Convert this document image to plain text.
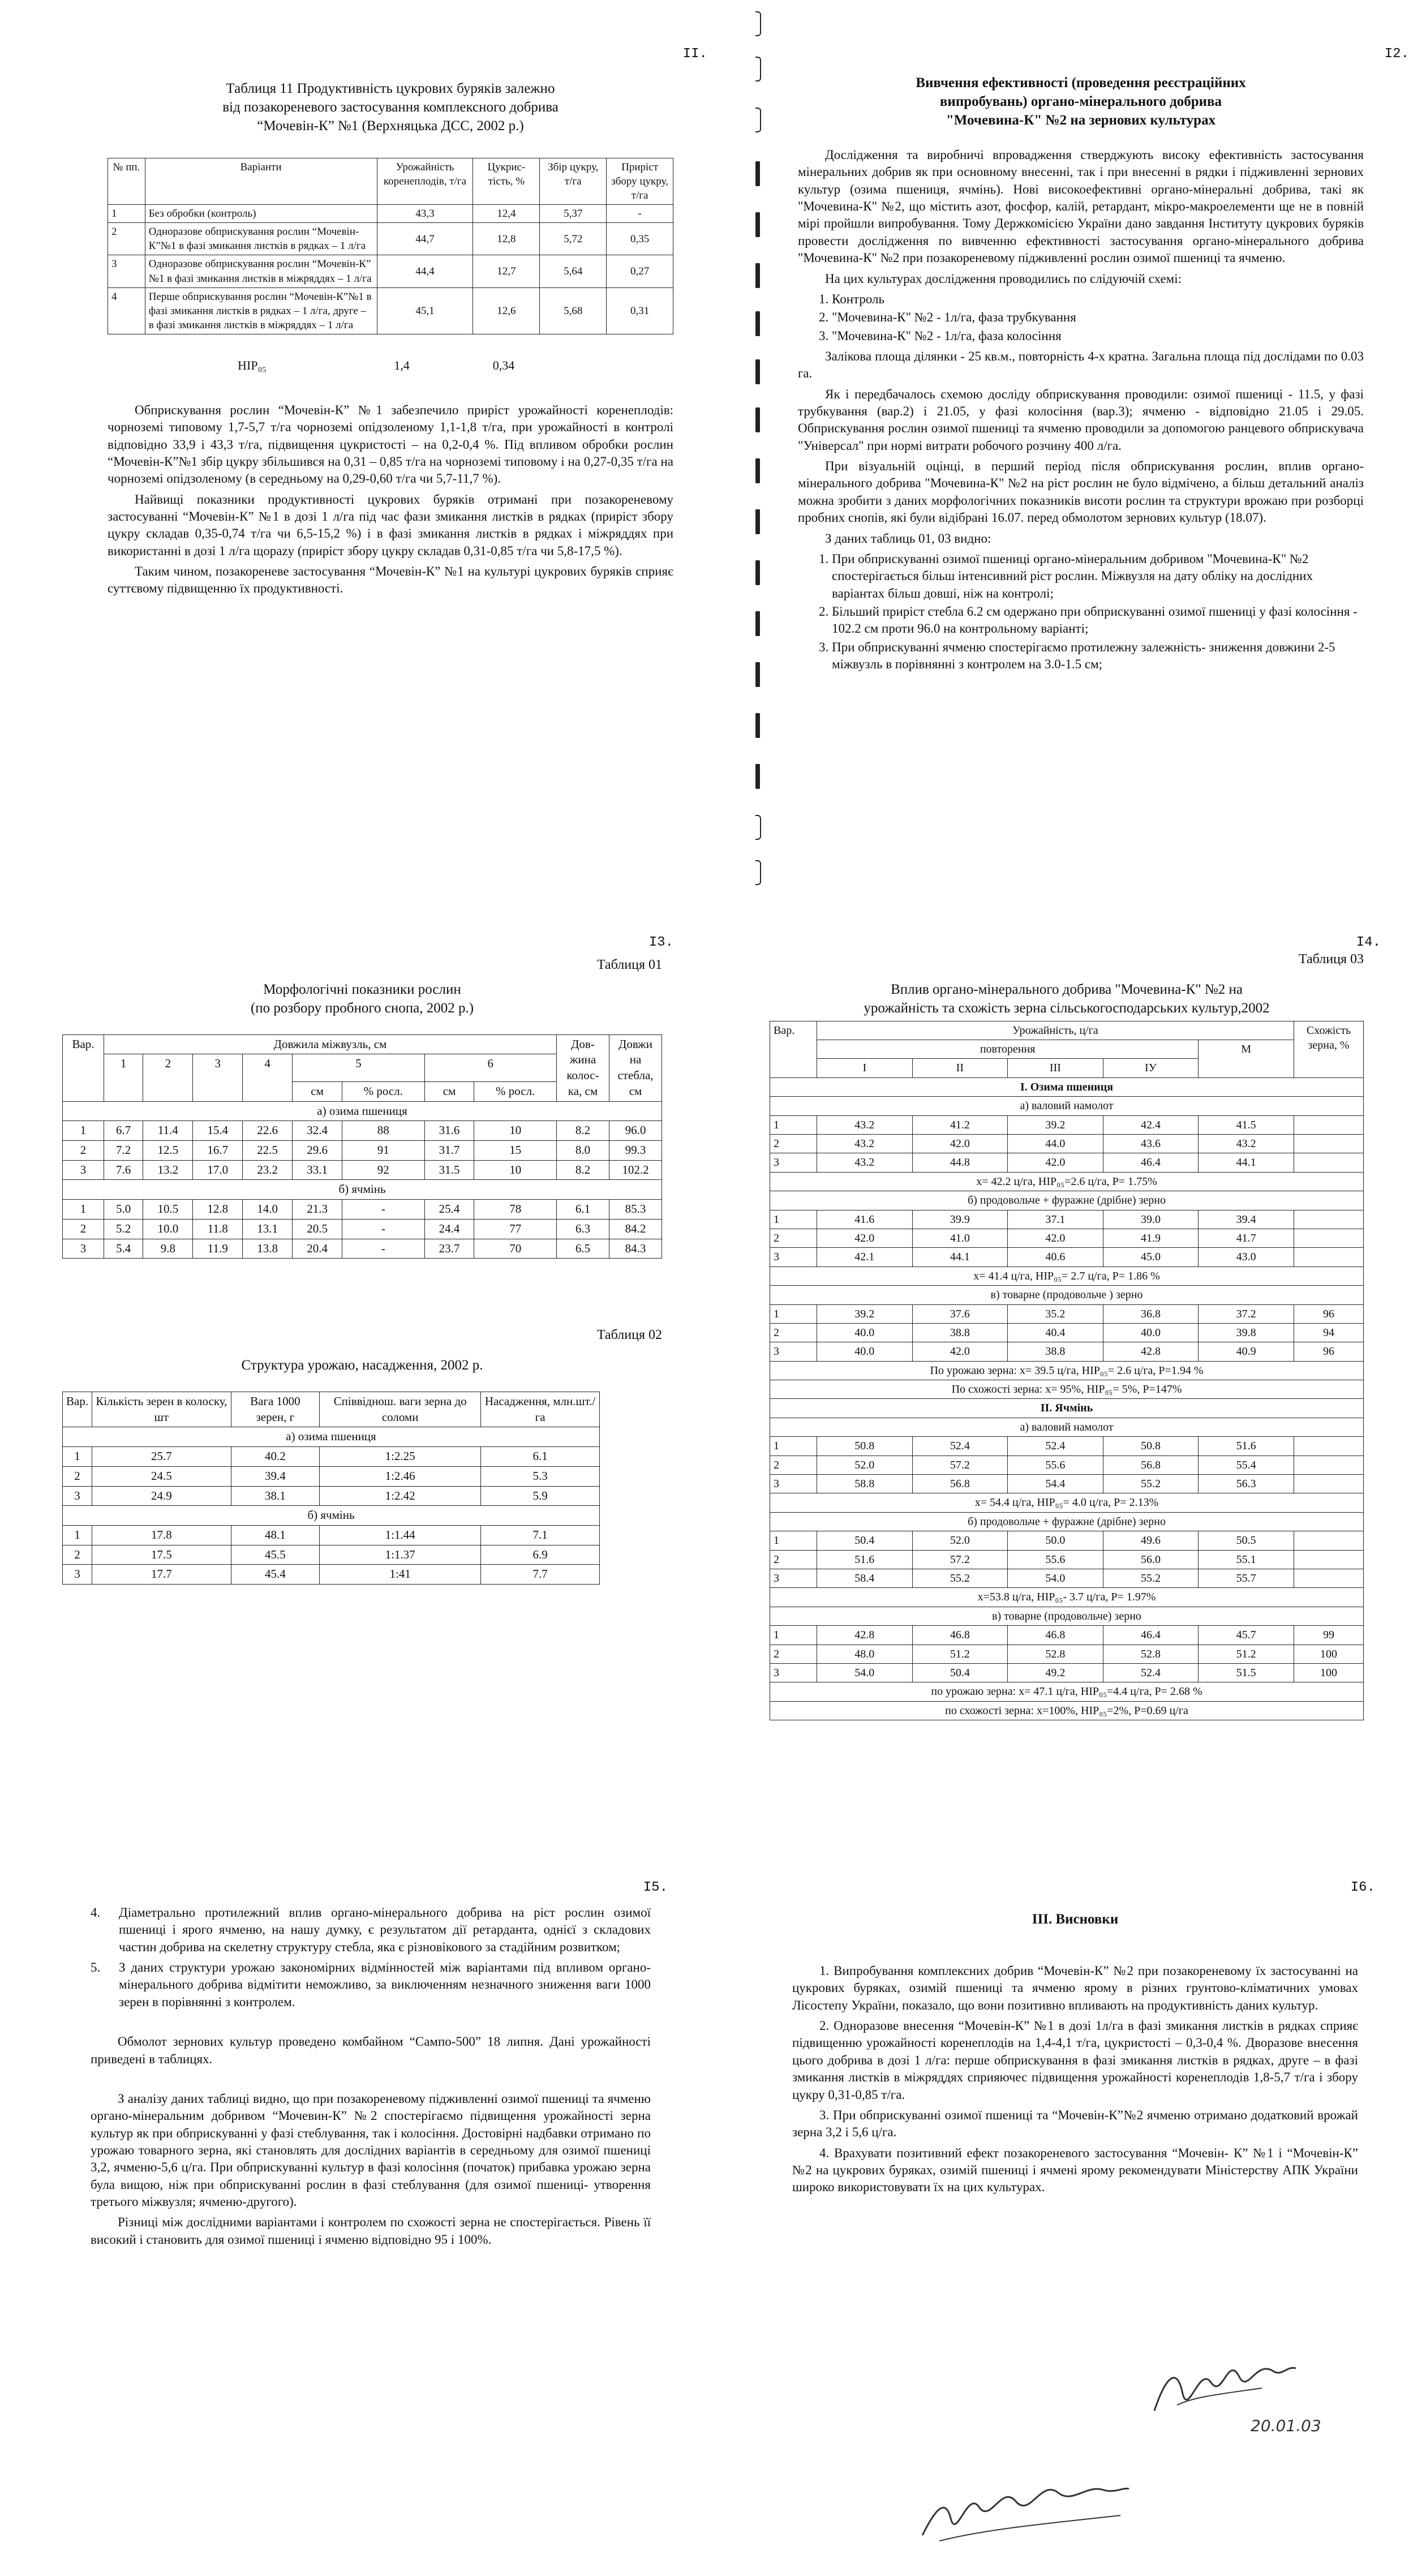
II.
Таблиця 11 Продуктивність цукрових буряків залежно
від позакореневого застосування комплексного добрива
“Мочевін-К” №1 (Верхняцька ДСС, 2002 р.)
№ пп.	Варіанти	Урожайність коренеплодів, т/га	Цукрис-тість, %	Збір цукру, т/га	Приріст збору цукру, т/га
1	Без обробки (контроль)	43,3	12,4	5,37	-
2	Одноразове обприскування рослин “Мочевін-К”№1 в фазі змикання листків в рядках – 1 л/га	44,7	12,8	5,72	0,35
3	Одноразове обприскування рослин “Мочевін-К” №1 в фазі змикання листків в міжряддях – 1 л/га	44,4	12,7	5,64	0,27
4	Перше обприскування рослин “Мочевін-К”№1 в фазі змикання листків в рядках – 1 л/га, друге – в фазі змикання листків в міжряддях – 1 л/га	45,1	12,6	5,68	0,31
НІР₀₅	1,4	0,34

Обприскування рослин “Мочевін-К” №1 забезпечило приріст урожайності коренеплодів: чорноземі типовому 1,7-5,7 т/га чорноземі опідзоленому 1,1-1,8 т/га, при урожайності в контролі відповідно 33,9 і 43,3 т/га, підвищення цукристості – на 0,2-0,4 %. Під впливом обробки рослин “Мочевін-К”№1 збір цукру збільшився на 0,31 – 0,85 т/га на чорноземі типовому і на 0,27-0,35 т/га на чорноземі опідзоленому (в середньому на 0,29-0,60 т/га чи 5,7-11,7 %).

Найвищі показники продуктивності цукрових буряків отримані при позакореневому застосуванні “Мочевін-К” №1 в дозі 1 л/га під час фази змикання листків в рядках (приріст збору цукру складав 0,35-0,74 т/га чи 6,5-15,2 %) і в фазі змикання листків в рядках і міжряддях при використанні в дозі 1 л/га щорazy (приріст збору цукру складав 0,31-0,85 т/га чи 5,8-17,5 %).

Таким чином, позакореневе застосування “Мочевін-К” №1 на культурі цукрових буряків сприяє суттєвому підвищенню їх продуктивності.

I2.
Вивчення ефективності (проведення реєстраційних
випробувань) органо-мінерального добрива
"Мочевина-К" №2 на зернових культурах

Дослідження та виробничі впровадження стверджують високу ефективність застосування мінеральних добрив як при основному внесенні, так і при внесенні в рядки і підживленні зернових культур (озима пшениця, ячмінь). Нові високоефективні органо-мінеральні добрива, такі як "Мочевина-К" №2, що містить азот, фосфор, калій, ретардант, мікро-макроелементи ще не в повній мірі пройшли випробування. Тому Держкомісією України дано завдання Інституту цукрових буряків провести дослідження по вивченню ефективності застосування органо-мінерального добрива "Мочевина-К" №2 при позакореневому підживленні рослин озимої пшениці та ячменю.

На цих культурах дослідження проводились по слідуючій схемі:

1. Контроль
2. "Мочевина-К" №2 - 1л/га, фаза трубкування
3. "Мочевина-К" №2 - 1л/га, фаза колосіння

Залікова площа ділянки - 25 кв.м., повторність 4-х кратна. Загальна площа під дослідами по 0.03 га.

Як і передбачалось схемою досліду обприскування проводили: озимої пшениці - 11.5, у фазі трубкування (вар.2) і 21.05, у фазі колосіння (вар.3); ячменю - відповідно 21.05 і 29.05. Обприскування рослин озимої пшениці та ячменю проводили за допомогою ранцевого обприскувача "Універсал" при нормі витрати робочого розчину 400 л/га.

При візуальній оцінці, в перший період після обприскування рослин, вплив органо-мінерального добрива "Мочевина-К" №2 на ріст рослин не було відмічено, а більш детальний аналіз можна зробити з даних морфологічних показників висоти рослин та структури врожаю при розборці пробних снопів, які були відібрані 16.07. перед обмолотом зернових культур (18.07).

З даних таблиць 01, 03 видно:

1. При обприскуванні озимої пшениці органо-мінеральним добривом "Мочевина-К" №2 спостерігається більш інтенсивний ріст рослин. Міжвузля на дату обліку на дослідних варіантах більш довші, ніж на контролі;
2. Більший приріст стебла 6.2 см одержано при обприскуванні озимої пшениці у фазі колосіння - 102.2 см проти 96.0 на контрольному варіанті;
3. При обприскуванні ячменю спостерігаємо протилежну залежність- зниження довжини 2-5 міжвузль в порівнянні з контролем на 3.0-1.5 см;
I3.
Таблиця 01
Морфологічні показники рослин
(по розбору пробного снопа, 2002 р.)
Вар.	Довжила міжвузль, см								Дов-жина колос-ка, см	Довжи на стебла, см
	1	2	3	4	5		6			
					см	% росл.	см	% росл.		
а) озима пшениця										
1	6.7	11.4	15.4	22.6	32.4	88	31.6	10	8.2	96.0
2	7.2	12.5	16.7	22.5	29.6	91	31.7	15	8.0	99.3
3	7.6	13.2	17.0	23.2	33.1	92	31.5	10	8.2	102.2
б) ячмінь										
1	5.0	10.5	12.8	14.0	21.3	-	25.4	78	6.1	85.3
2	5.2	10.0	11.8	13.1	20.5	-	24.4	77	6.3	84.2
3	5.4	9.8	11.9	13.8	20.4	-	23.7	70	6.5	84.3
Таблиця 02
Структура урожаю, насадження, 2002 р.
Вар.	Кількість зерен в колоску, шт	Вага 1000 зерен, г	Співвіднош. ваги зерна до соломи	Насадження, млн.шт./га
а) озима пшениця				
1	25.7	40.2	1:2.25	6.1
2	24.5	39.4	1:2.46	5.3
3	24.9	38.1	1:2.42	5.9
б) ячмінь				
1	17.8	48.1	1:1.44	7.1
2	17.5	45.5	1:1.37	6.9
3	17.7	45.4	1:41	7.7
I4.
Таблиця 03
Вплив органо-мінерального добрива "Мочевина-К" №2 на
урожайність та схожість зерна сільськогосподарських культур,2002
Вар.	Урожайність, ц/га					Схожість зерна, %
	повторення				М	
	І	ІІ	ІІІ	ІУ		
І. Озима пшениця						
а) валовий намолот						
1	43.2	41.2	39.2	42.4	41.5	
2	43.2	42.0	44.0	43.6	43.2	
3	43.2	44.8	42.0	46.4	44.1	
x= 42.2 ц/га, НІР₀₅=2.6 ц/га, P= 1.75%						
б) продовольче + фуражне (дрібне) зерно						
1	41.6	39.9	37.1	39.0	39.4	
2	42.0	41.0	42.0	41.9	41.7	
3	42.1	44.1	40.6	45.0	43.0	
x= 41.4 ц/га, НІР₀₅= 2.7 ц/га, P= 1.86 %						
в) товарне (продовольче ) зерно						
1	39.2	37.6	35.2	36.8	37.2	96
2	40.0	38.8	40.4	40.0	39.8	94
3	40.0	42.0	38.8	42.8	40.9	96
По урожаю зерна: x= 39.5 ц/га, НІР₀₅= 2.6 ц/га, P=1.94 %						
По схожості зерна: x= 95%, НІР₀₅= 5%, P=147%						
ІІ. Ячмінь						
а) валовий намолот						
1	50.8	52.4	52.4	50.8	51.6	
2	52.0	57.2	55.6	56.8	55.4	
3	58.8	56.8	54.4	55.2	56.3	
x= 54.4 ц/га, НІР₀₅= 4.0 ц/га, P= 2.13%						
б) продовольче + фуражне (дрібне) зерно						
1	50.4	52.0	50.0	49.6	50.5	
2	51.6	57.2	55.6	56.0	55.1	
3	58.4	55.2	54.0	55.2	55.7	
x=53.8 ц/га, НІР₀₅- 3.7 ц/га, P= 1.97%						
в) товарне (продовольче) зерно						
1	42.8	46.8	46.8	46.4	45.7	99
2	48.0	51.2	52.8	52.8	51.2	100
3	54.0	50.4	49.2	52.4	51.5	100
по урожаю зерна: x= 47.1 ц/га, НІР₀₅=4.4 ц/га, P= 2.68 %						
по схожості зерна: x=100%, НІР₀₅=2%, P=0.69 ц/га						
I5.
4.	Діаметрально протилежний вплив органо-мінерального добрива на ріст рослин озимої пшениці і ярого ячменю, на нашу думку, є результатом дії ретарданта, однієї з складових частин добрива на скелетну структуру стебла, яка є різновікового за стадійним розвитком;
5.	З даних структури урожаю закономірних відмінностей між варіантами під впливом органо-мінерального добрива відмітити неможливо, за виключенням незначного зниження ваги 1000 зерен в порівнянні з контролем.

Обмолот зернових культур проведено комбайном “Сампо-500” 18 липня. Дані урожайності приведені в таблицях.

З аналізу даних таблиці видно, що при позакореневому підживленні озимої пшениці та ячменю органо-мінеральним добривом “Мочевин-К” №2 спостерігаємо підвищення урожайності зерна культур як при обприскуванні у фазі стеблування, так і колосіння. Достовірні надбавки отримано по урожаю товарного зерна, які становлять для дослідних варіантів в середньому для озимої пшениці 3,2, ячменю-5,6 ц/га. При обприскуванні культур в фазі колосіння (початок) прибавка урожаю зерна була вищою, ніж при обприскуванні рослин в фазі стеблування (для озимої пшениці- утворення третього міжвузля; ячменю-другого).

Різниці між дослідними варіантами і контролем по схожості зерна не спостерігається. Рівень її високий і становить для озимої пшениці і ячменю відповідно 95 і 100%.

I6.
ІІІ. Висновки

1. Випробування комплексних добрив “Мочевін-К” №2 при позакореневому їх застосуванні на цукрових буряках, озимій пшениці та ячменю ярому в різних грунтово-кліматичних умовах Лісостепу України, показало, що вони позитивно впливають на продуктивність даних культур.

2. Одноразове внесення “Мочевін-К” №1 в дозі 1л/га в фазі змикання листків в рядках сприяє підвищенню урожайності коренеплодів на 1,4-4,1 т/га, цукристості – 0,3-0,4 %. Дворазове внесення цього добрива в дозі 1 л/га: перше обприскування в фазі змикання листків в рядках, друге – в фазі змикання листків в міжряддях сприяючес підвищення урожайності коренеплодів 1,8-5,7 т/га і збору цукру 0,31-0,85 т/га.

3. При обприскуванні озимої пшениці та “Мочевін-К”№2 ячменю отримано додатковий врожай зерна 3,2 і 5,6 ц/га.

4. Врахувати позитивний ефект позакореневого застосування “Мочевін- К” №1 і “Мочевін-К” №2 на цукрових буряках, озимій пшениці і ячмені ярому рекомендувати Міністерству АПК України широко використовувати їх на цих культурах.

20.01.03
